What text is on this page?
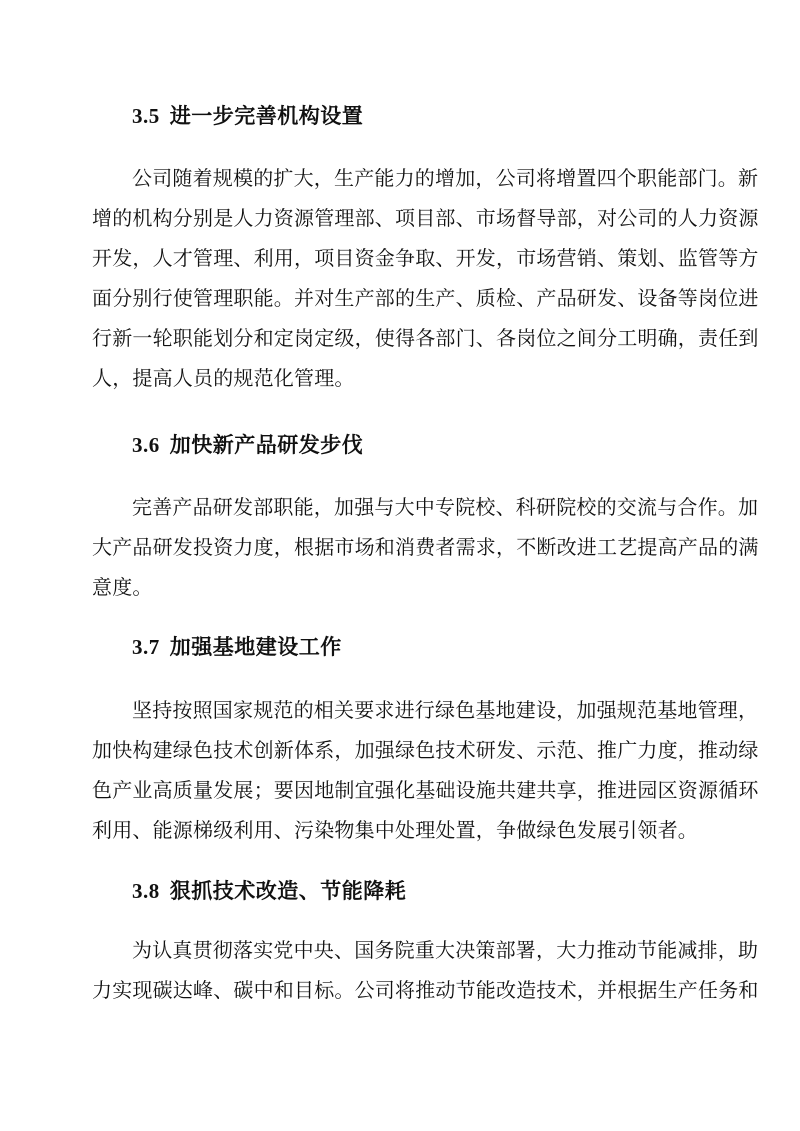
3.5 进一步完善机构设置
公司随着规模的扩大，生产能力的增加，公司将增置四个职能部门。新
增的机构分别是人力资源管理部、项目部、市场督导部，对公司的人力资源
开发，人才管理、利用，项目资金争取、开发，市场营销、策划、监管等方
面分别行使管理职能。并对生产部的生产、质检、产品研发、设备等岗位进
行新一轮职能划分和定岗定级，使得各部门、各岗位之间分工明确，责任到
人，提高人员的规范化管理。
3.6 加快新产品研发步伐
完善产品研发部职能，加强与大中专院校、科研院校的交流与合作。加
大产品研发投资力度，根据市场和消费者需求，不断改进工艺提高产品的满
意度。
3.7 加强基地建设工作
坚持按照国家规范的相关要求进行绿色基地建设，加强规范基地管理，
加快构建绿色技术创新体系，加强绿色技术研发、示范、推广力度，推动绿
色产业高质量发展；要因地制宜强化基础设施共建共享，推进园区资源循环
利用、能源梯级利用、污染物集中处理处置，争做绿色发展引领者。
3.8 狠抓技术改造、节能降耗
为认真贯彻落实党中央、国务院重大决策部署，大力推动节能减排，助
力实现碳达峰、碳中和目标。公司将推动节能改造技术，并根据生产任务和
